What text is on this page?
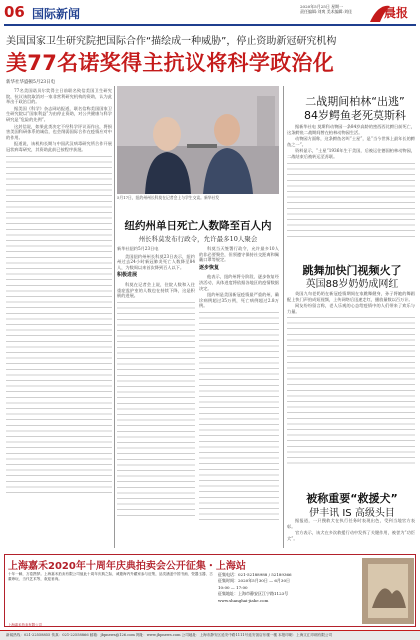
06 国际新闻
2020年5月25日 星期一
责任编辑:刘爽 美术编辑:刘佳	晨报
美国国家卫生研究院把国际合作“描绘成一种威胁”，停止资助新冠研究机构
美77名诺奖得主抗议将科学政治化
新华社华盛顿5月23日电

77名美国诺贝尔奖得主日前联名致信美国卫生研究院，抗议该院取消对一家非营利研究机构的资助，认为此举出于政治目的。

据美国《科学》杂志网站报道，联名信称美国国家卫生研究院以“国家利益”为由停止资助，对公共健康与科学研究是“危险的先例”。

这封信说，如果此类决定不经科学评议而作出，将损害美国科研体系的诚信，也会削弱国际合作在疫情应对中的作用。

报道说，该机构长期与中国武汉病毒研究所合作开展冠状病毒研究，其资助此前已按程序获批。

5月17日，纽约州州长科莫在记者会上与学生交谈。新华社发
二战期间柏林“出逃”
84岁鳄鱼老死莫斯科

据新华社电 莫斯科动物园一条84岁高龄的密西西比鳄日前死亡，这条鳄鱼二战期间曾在柏林动物园生活。

动物园方面称，这条鳄鱼名叫“土星”，是“当今世界上最年长的鳄鱼之一”。

资料显示，“土星”1936年生于美国，后被运往德国柏林动物园，二战结束后被转运至苏联。

纽约州单日死亡人数降至百人内
州长科莫发布行政令，允许最多10人聚会
新华社纽约5月23日电

美国纽约州州长科莫23日表示，纽约州过去24小时新冠肺炎死亡人数降至84人，为数周以来首次降到百人以下。

积极进展

科莫在记者会上说，住院人数和入住重症监护室的人数也在持续下降，这是积极的进展。

科莫当天签署行政令，允许最多10人的非必要聚会，但须遵守保持社交距离和佩戴口罩等规定。

逐步恢复

他表示，纽约州将分阶段、逐步恢复经济活动，具体进度将依据各地区的疫情数据决定。

纽约州是美国新冠疫情最严重的州，确诊病例超过35万例，死亡病例超过2.8万例。

跳舞加快门视频火了
英国88岁奶奶成网红

英国九旬老奶奶在新冠疫情期间在家跳舞健身，孙子将她的舞蹈配上快门声拍成短视频，上传网络后迅速走红，播放量数以百万计。

网友纷纷留言称，老人乐观的心态给疫情中的人们带来了欢乐与力量。

被称重要“救援犬”
伊丰讯 IS 高级头目

据报道，一只搜救犬在执行任务时表现出色，受到当地官方表彰。

官方表示，该犬在多次救援行动中发挥了关键作用，被誉为“功臣犬”。

上海嘉禾2020年十周年庆典拍卖会公开征集・上海站
十年一瞬，万卷携梦。上海嘉禾拍卖有限公司值此十周年庆典之际，诚邀海内外藏家参与征集，品类涵盖中国书画、瓷器玉器、古董珍玩、当代艺术等，欢迎垂询。
征集电话：021-52188988 / 52189366
征集时间：2020年5月30日 — 6月30日
10:00 — 17:00
征集地址：上海市静安区江宁路1123号
www.shanghai-jiahe.com
上海嘉禾拍卖有限公司
新闻热线：021-22558855 传真：021-22558866 邮箱：jbpnews@126.com 网址：www.jbpnews.com 公司地址：上海市静安区延安中路1111号延安饭店东楼一楼 本报印刷：上海文汇印刷有限公司
